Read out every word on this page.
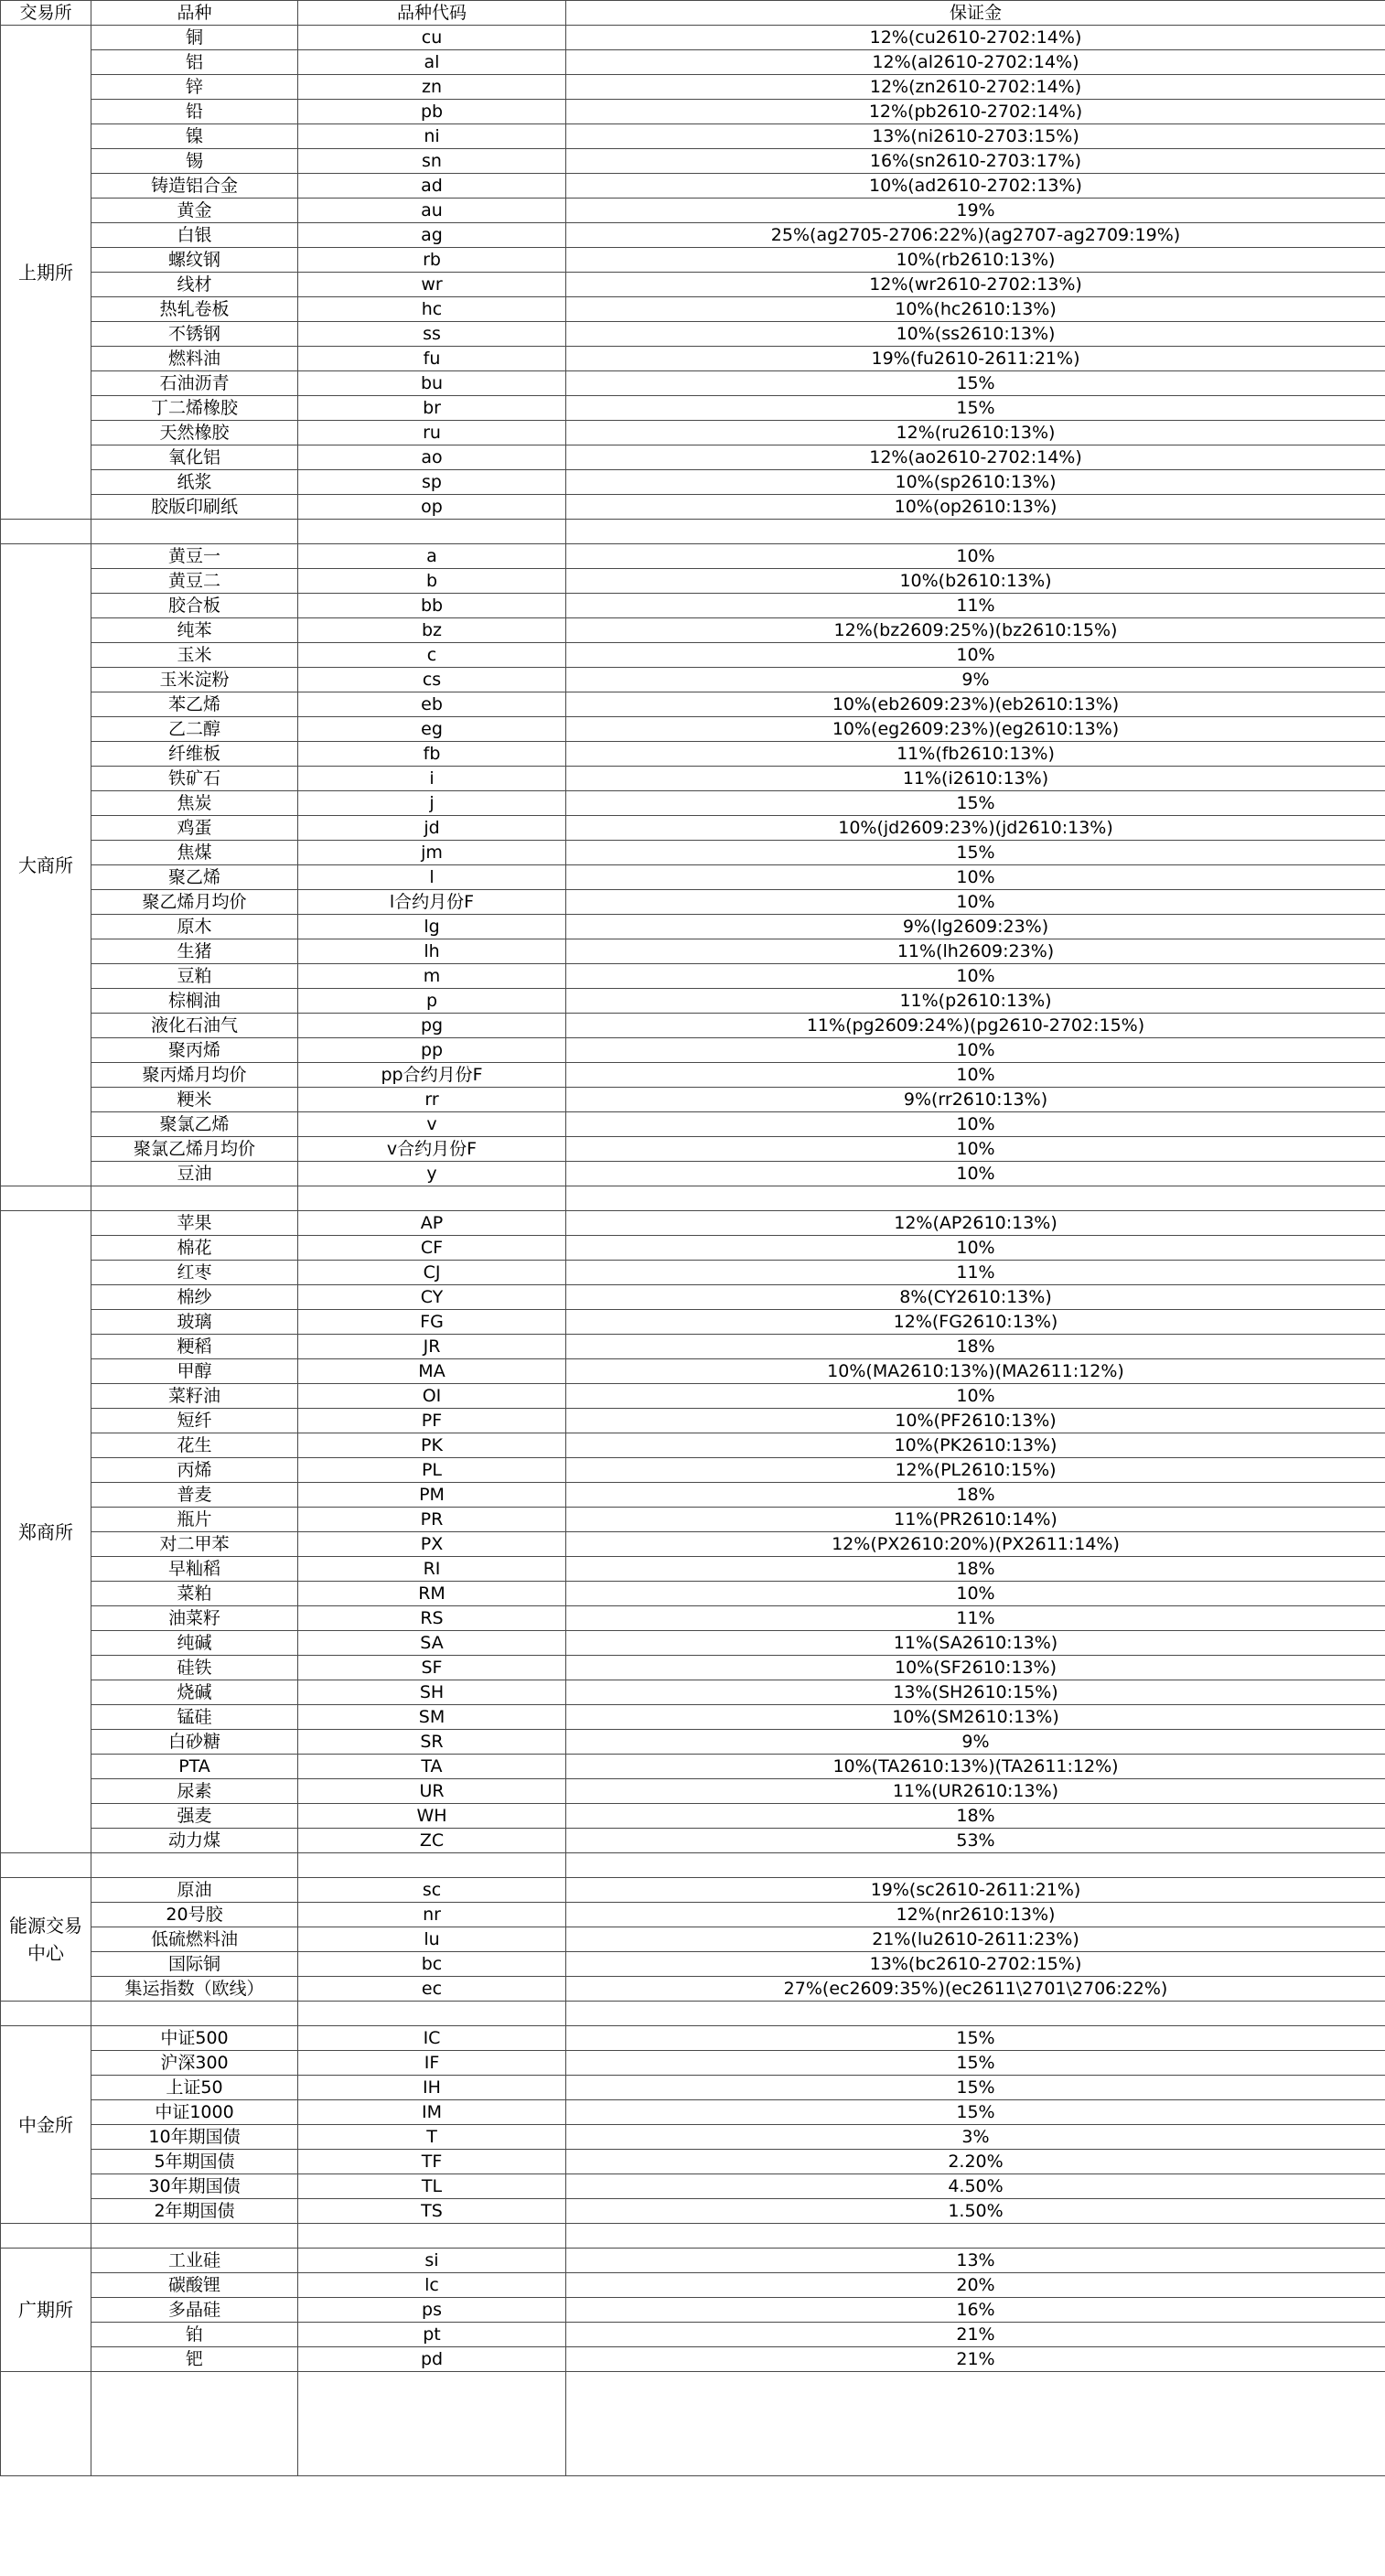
交易所	品种	品种代码	保证金
上期所	铜	cu	12%(cu2610-2702:14%)
	铝	al	12%(al2610-2702:14%)
	锌	zn	12%(zn2610-2702:14%)
	铅	pb	12%(pb2610-2702:14%)
	镍	ni	13%(ni2610-2703:15%)
	锡	sn	16%(sn2610-2703:17%)
	铸造铝合金	ad	10%(ad2610-2702:13%)
	黄金	au	19%
	白银	ag	25%(ag2705-2706:22%)(ag2707-ag2709:19%)
	螺纹钢	rb	10%(rb2610:13%)
	线材	wr	12%(wr2610-2702:13%)
	热轧卷板	hc	10%(hc2610:13%)
	不锈钢	ss	10%(ss2610:13%)
	燃料油	fu	19%(fu2610-2611:21%)
	石油沥青	bu	15%
	丁二烯橡胶	br	15%
	天然橡胶	ru	12%(ru2610:13%)
	氧化铝	ao	12%(ao2610-2702:14%)
	纸浆	sp	10%(sp2610:13%)
	胶版印刷纸	op	10%(op2610:13%)

大商所	黄豆一	a	10%
	黄豆二	b	10%(b2610:13%)
	胶合板	bb	11%
	纯苯	bz	12%(bz2609:25%)(bz2610:15%)
	玉米	c	10%
	玉米淀粉	cs	9%
	苯乙烯	eb	10%(eb2609:23%)(eb2610:13%)
	乙二醇	eg	10%(eg2609:23%)(eg2610:13%)
	纤维板	fb	11%(fb2610:13%)
	铁矿石	i	11%(i2610:13%)
	焦炭	j	15%
	鸡蛋	jd	10%(jd2609:23%)(jd2610:13%)
	焦煤	jm	15%
	聚乙烯	l	10%
	聚乙烯月均价	l合约月份F	10%
	原木	lg	9%(lg2609:23%)
	生猪	lh	11%(lh2609:23%)
	豆粕	m	10%
	棕榈油	p	11%(p2610:13%)
	液化石油气	pg	11%(pg2609:24%)(pg2610-2702:15%)
	聚丙烯	pp	10%
	聚丙烯月均价	pp合约月份F	10%
	粳米	rr	9%(rr2610:13%)
	聚氯乙烯	v	10%
	聚氯乙烯月均价	v合约月份F	10%
	豆油	y	10%

郑商所	苹果	AP	12%(AP2610:13%)
	棉花	CF	10%
	红枣	CJ	11%
	棉纱	CY	8%(CY2610:13%)
	玻璃	FG	12%(FG2610:13%)
	粳稻	JR	18%
	甲醇	MA	10%(MA2610:13%)(MA2611:12%)
	菜籽油	OI	10%
	短纤	PF	10%(PF2610:13%)
	花生	PK	10%(PK2610:13%)
	丙烯	PL	12%(PL2610:15%)
	普麦	PM	18%
	瓶片	PR	11%(PR2610:14%)
	对二甲苯	PX	12%(PX2610:20%)(PX2611:14%)
	早籼稻	RI	18%
	菜粕	RM	10%
	油菜籽	RS	11%
	纯碱	SA	11%(SA2610:13%)
	硅铁	SF	10%(SF2610:13%)
	烧碱	SH	13%(SH2610:15%)
	锰硅	SM	10%(SM2610:13%)
	白砂糖	SR	9%
	PTA	TA	10%(TA2610:13%)(TA2611:12%)
	尿素	UR	11%(UR2610:13%)
	强麦	WH	18%
	动力煤	ZC	53%

能源交易中心	原油	sc	19%(sc2610-2611:21%)
	20号胶	nr	12%(nr2610:13%)
	低硫燃料油	lu	21%(lu2610-2611:23%)
	国际铜	bc	13%(bc2610-2702:15%)
	集运指数（欧线）	ec	27%(ec2609:35%)(ec2611\2701\2706:22%)

中金所	中证500	IC	15%
	沪深300	IF	15%
	上证50	IH	15%
	中证1000	IM	15%
	10年期国债	T	3%
	5年期国债	TF	2.20%
	30年期国债	TL	4.50%
	2年期国债	TS	1.50%

广期所	工业硅	si	13%
	碳酸锂	lc	20%
	多晶硅	ps	16%
	铂	pt	21%
	钯	pd	21%
